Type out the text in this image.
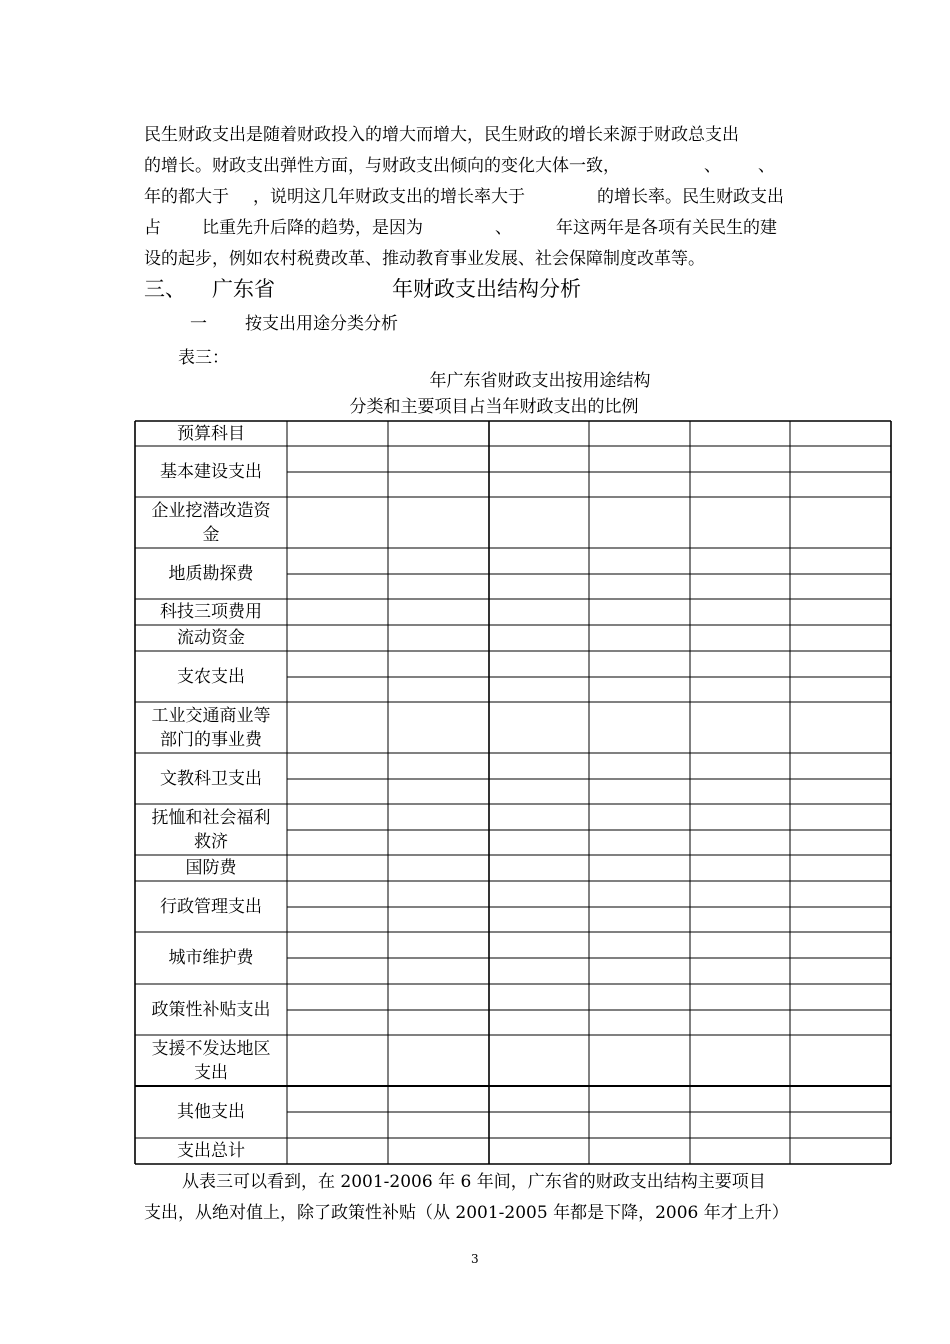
民生财政支出是随着财政投入的增大而增大，民生财政的增长来源于财政总支出
的增长。财政支出弹性方面，与财政支出倾向的变化大体一致，	、 、
年的都大于 ，说明这几年财政支出的增长率大于	的增长率。民生财政支出
占 比重先升后降的趋势，是因为	、	年这两年是各项有关民生的建
设的起步，例如农村税费改革、推动教育事业发展、社会保障制度改革等。
三、 广东省	年财政支出结构分析
一 按支出用途分类分析
表三：
年广东省财政支出按用途结构
分类和主要项目占当年财政支出的比例
预算科目
基本建设支出
企业挖潜改造资
金
地质勘探费
科技三项费用
流动资金
支农支出
工业交通商业等
部门的事业费
文教科卫支出
抚恤和社会福利
救济
国防费
行政管理支出
城市维护费
政策性补贴支出
支援不发达地区
支出
其他支出
支出总计
从表三可以看到，在 2001-2006 年 6 年间，广东省的财政支出结构主要项目
支出，从绝对值上，除了政策性补贴（从 2001-2005 年都是下降，2006 年才上升）
3
